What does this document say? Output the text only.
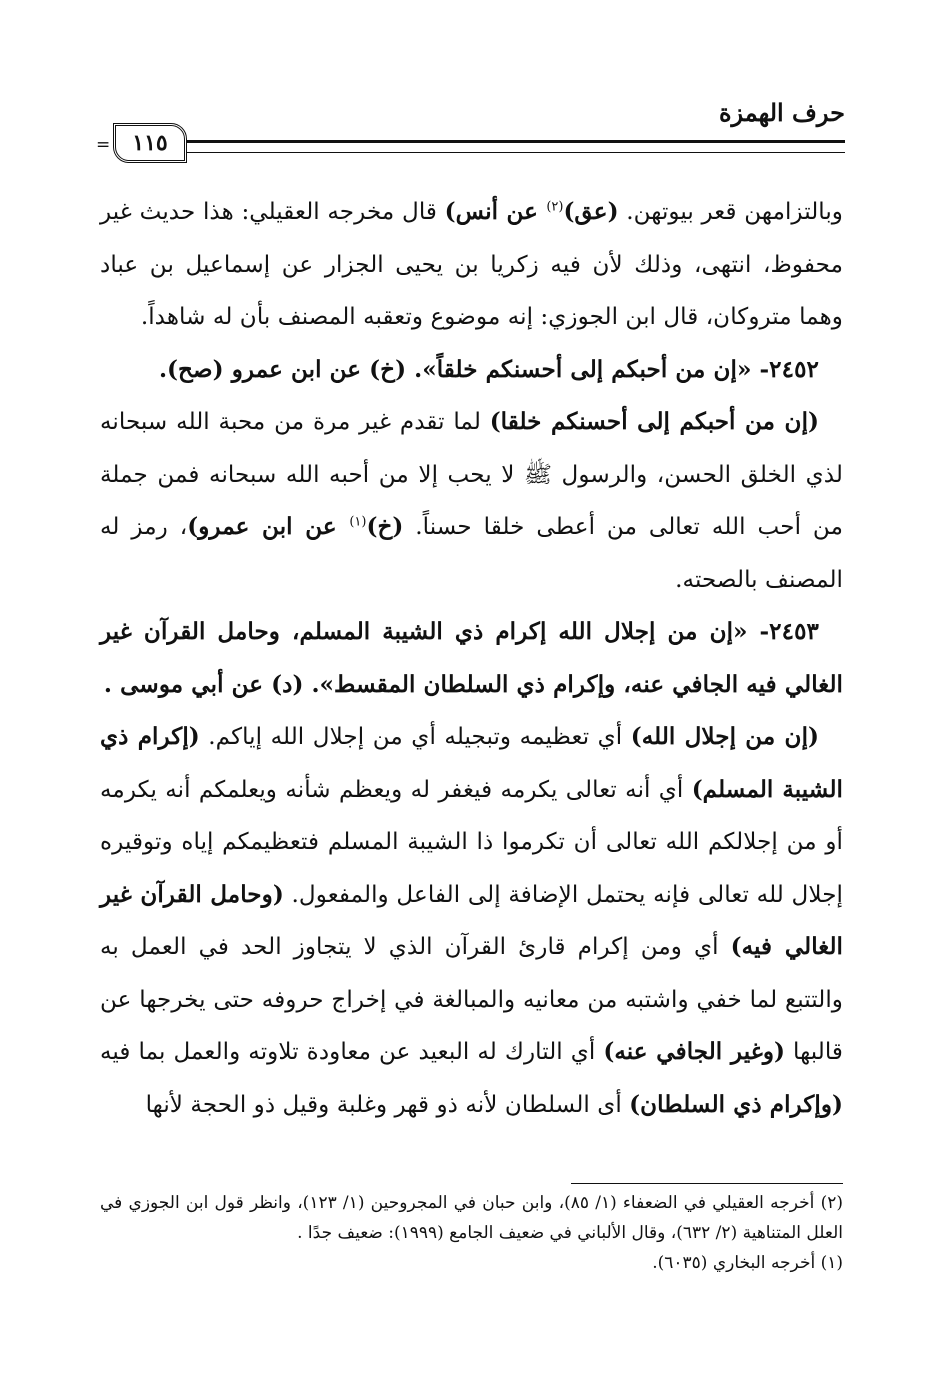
حرف الهمزة
١١٥
=

وبالتزامهن قعر بيوتهن. (عق)$^{(٢)}$ عن أنس) قال مخرجه العقيلي: هذا حديث غير محفوظ، انتهى، وذلك لأن فيه زكريا بن يحيى الجزار عن إسماعيل بن عباد وهما متروكان، قال ابن الجوزي: إنه موضوع وتعقبه المصنف بأن له شاهداً.

٢٤٥٢- «إن من أحبكم إلى أحسنكم خلقاً». (خ) عن ابن عمرو (صح).

(إن من أحبكم إلى أحسنكم خلقا) لما تقدم غير مرة من محبة الله سبحانه لذي الخلق الحسن، والرسول ﷺ لا يحب إلا من أحبه الله سبحانه فمن جملة من أحب الله تعالى من أعطى خلقا حسناً. (خ)$^{(١)}$ عن ابن عمرو)، رمز له المصنف بالصحته.

٢٤٥٣- «إن من إجلال الله إكرام ذي الشيبة المسلم، وحامل القرآن غير الغالي فيه الجافي عنه، وإكرام ذي السلطان المقسط». (د) عن أبي موسى .

(إن من إجلال الله) أي تعظيمه وتبجيله أي من إجلال الله إياكم. (إكرام ذي الشيبة المسلم) أي أنه تعالى يكرمه فيغفر له ويعظم شأنه ويعلمكم أنه يكرمه أو من إجلالكم الله تعالى أن تكرموا ذا الشيبة المسلم فتعظيمكم إياه وتوقيره إجلال لله تعالى فإنه يحتمل الإضافة إلى الفاعل والمفعول. (وحامل القرآن غير الغالي فيه) أي ومن إكرام قارئ القرآن الذي لا يتجاوز الحد في العمل به والتتبع لما خفي واشتبه من معانيه والمبالغة في إخراج حروفه حتى يخرجها عن قالبها (وغير الجافي عنه) أي التارك له البعيد عن معاودة تلاوته والعمل بما فيه (وإكرام ذي السلطان) أى السلطان لأنه ذو قهر وغلبة وقيل ذو الحجة لأنها

(٢) أخرجه العقيلي في الضعفاء (١/ ٨٥)، وابن حبان في المجروحين (١/ ١٢٣)، وانظر قول ابن الجوزي في العلل المتناهية (٢/ ٦٣٢)، وقال الألباني في ضعيف الجامع (١٩٩٩): ضعيف جدًا .

(١) أخرجه البخاري (٦٠٣٥).
